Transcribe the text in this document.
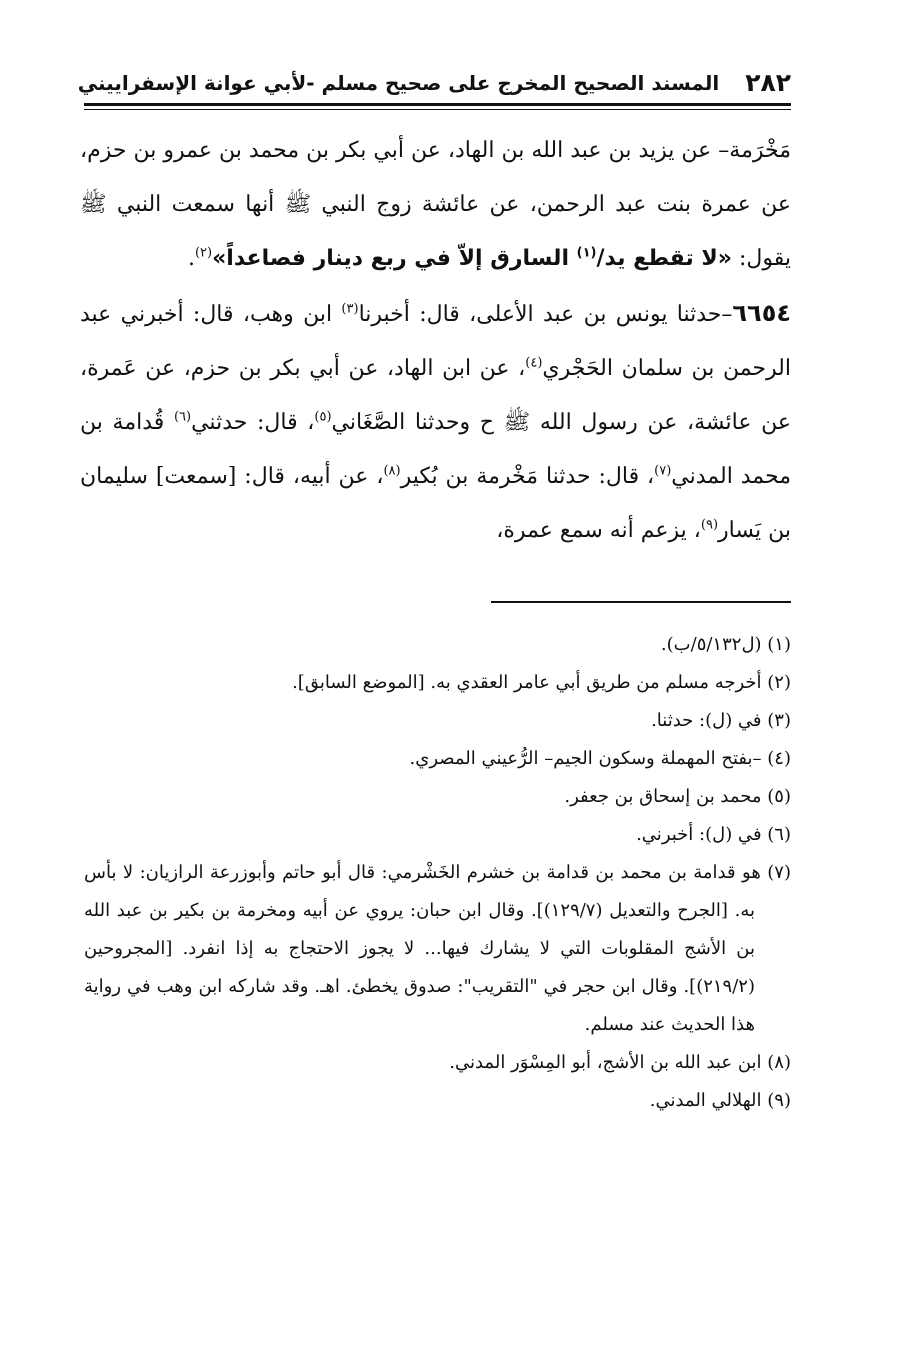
٢٨٢
المسند الصحيح المخرج على صحيح مسلم -لأبي عوانة الإسفراييني

مَخْرَمة– عن يزيد بن عبد الله بن الهاد، عن أبي بكر بن محمد بن عمرو بن حزم، عن عمرة بنت عبد الرحمن، عن عائشة زوج النبي ﷺ أنها سمعت النبي ﷺ يقول: «لا تقطع يد/$^{(١)}$ السارق إلاّ في ربع دينار فصاعداً»$^{(٢)}$.

٦٦٥٤–حدثنا يونس بن عبد الأعلى، قال: أخبرنا$^{(٣)}$ ابن وهب، قال: أخبرني عبد الرحمن بن سلمان الحَجْري$^{(٤)}$، عن ابن الهاد، عن أبي بكر بن حزم، عن عَمرة، عن عائشة، عن رسول الله ﷺ ح وحدثنا الصَّغَاني$^{(٥)}$، قال: حدثني$^{(٦)}$ قُدامة بن محمد المدني$^{(٧)}$، قال: حدثنا مَخْرمة بن بُكير$^{(٨)}$، عن أبيه، قال: [سمعت] سليمان بن يَسار$^{(٩)}$، يزعم أنه سمع عمرة،

(١) (ل٥/١٣٢/ب).

(٢) أخرجه مسلم من طريق أبي عامر العقدي به. [الموضع السابق].

(٣) في (ل): حدثنا.

(٤) –بفتح المهملة وسكون الجيم– الرُّعيني المصري.

(٥) محمد بن إسحاق بن جعفر.

(٦) في (ل): أخبرني.

(٧) هو قدامة بن محمد بن قدامة بن خشرم الخَشْرمي: قال أبو حاتم وأبوزرعة الرازيان: لا بأس به. [الجرح والتعديل (١٢٩/٧)]. وقال ابن حبان: يروي عن أبيه ومخرمة بن بكير بن عبد الله بن الأشج المقلوبات التي لا يشارك فيها... لا يجوز الاحتجاج به إذا انفرد. [المجروحين (٢١٩/٢)]. وقال ابن حجر في "التقريب": صدوق يخطئ. اهـ. وقد شاركه ابن وهب في رواية هذا الحديث عند مسلم.

(٨) ابن عبد الله بن الأشج، أبو المِسْوَر المدني.

(٩) الهلالي المدني.
